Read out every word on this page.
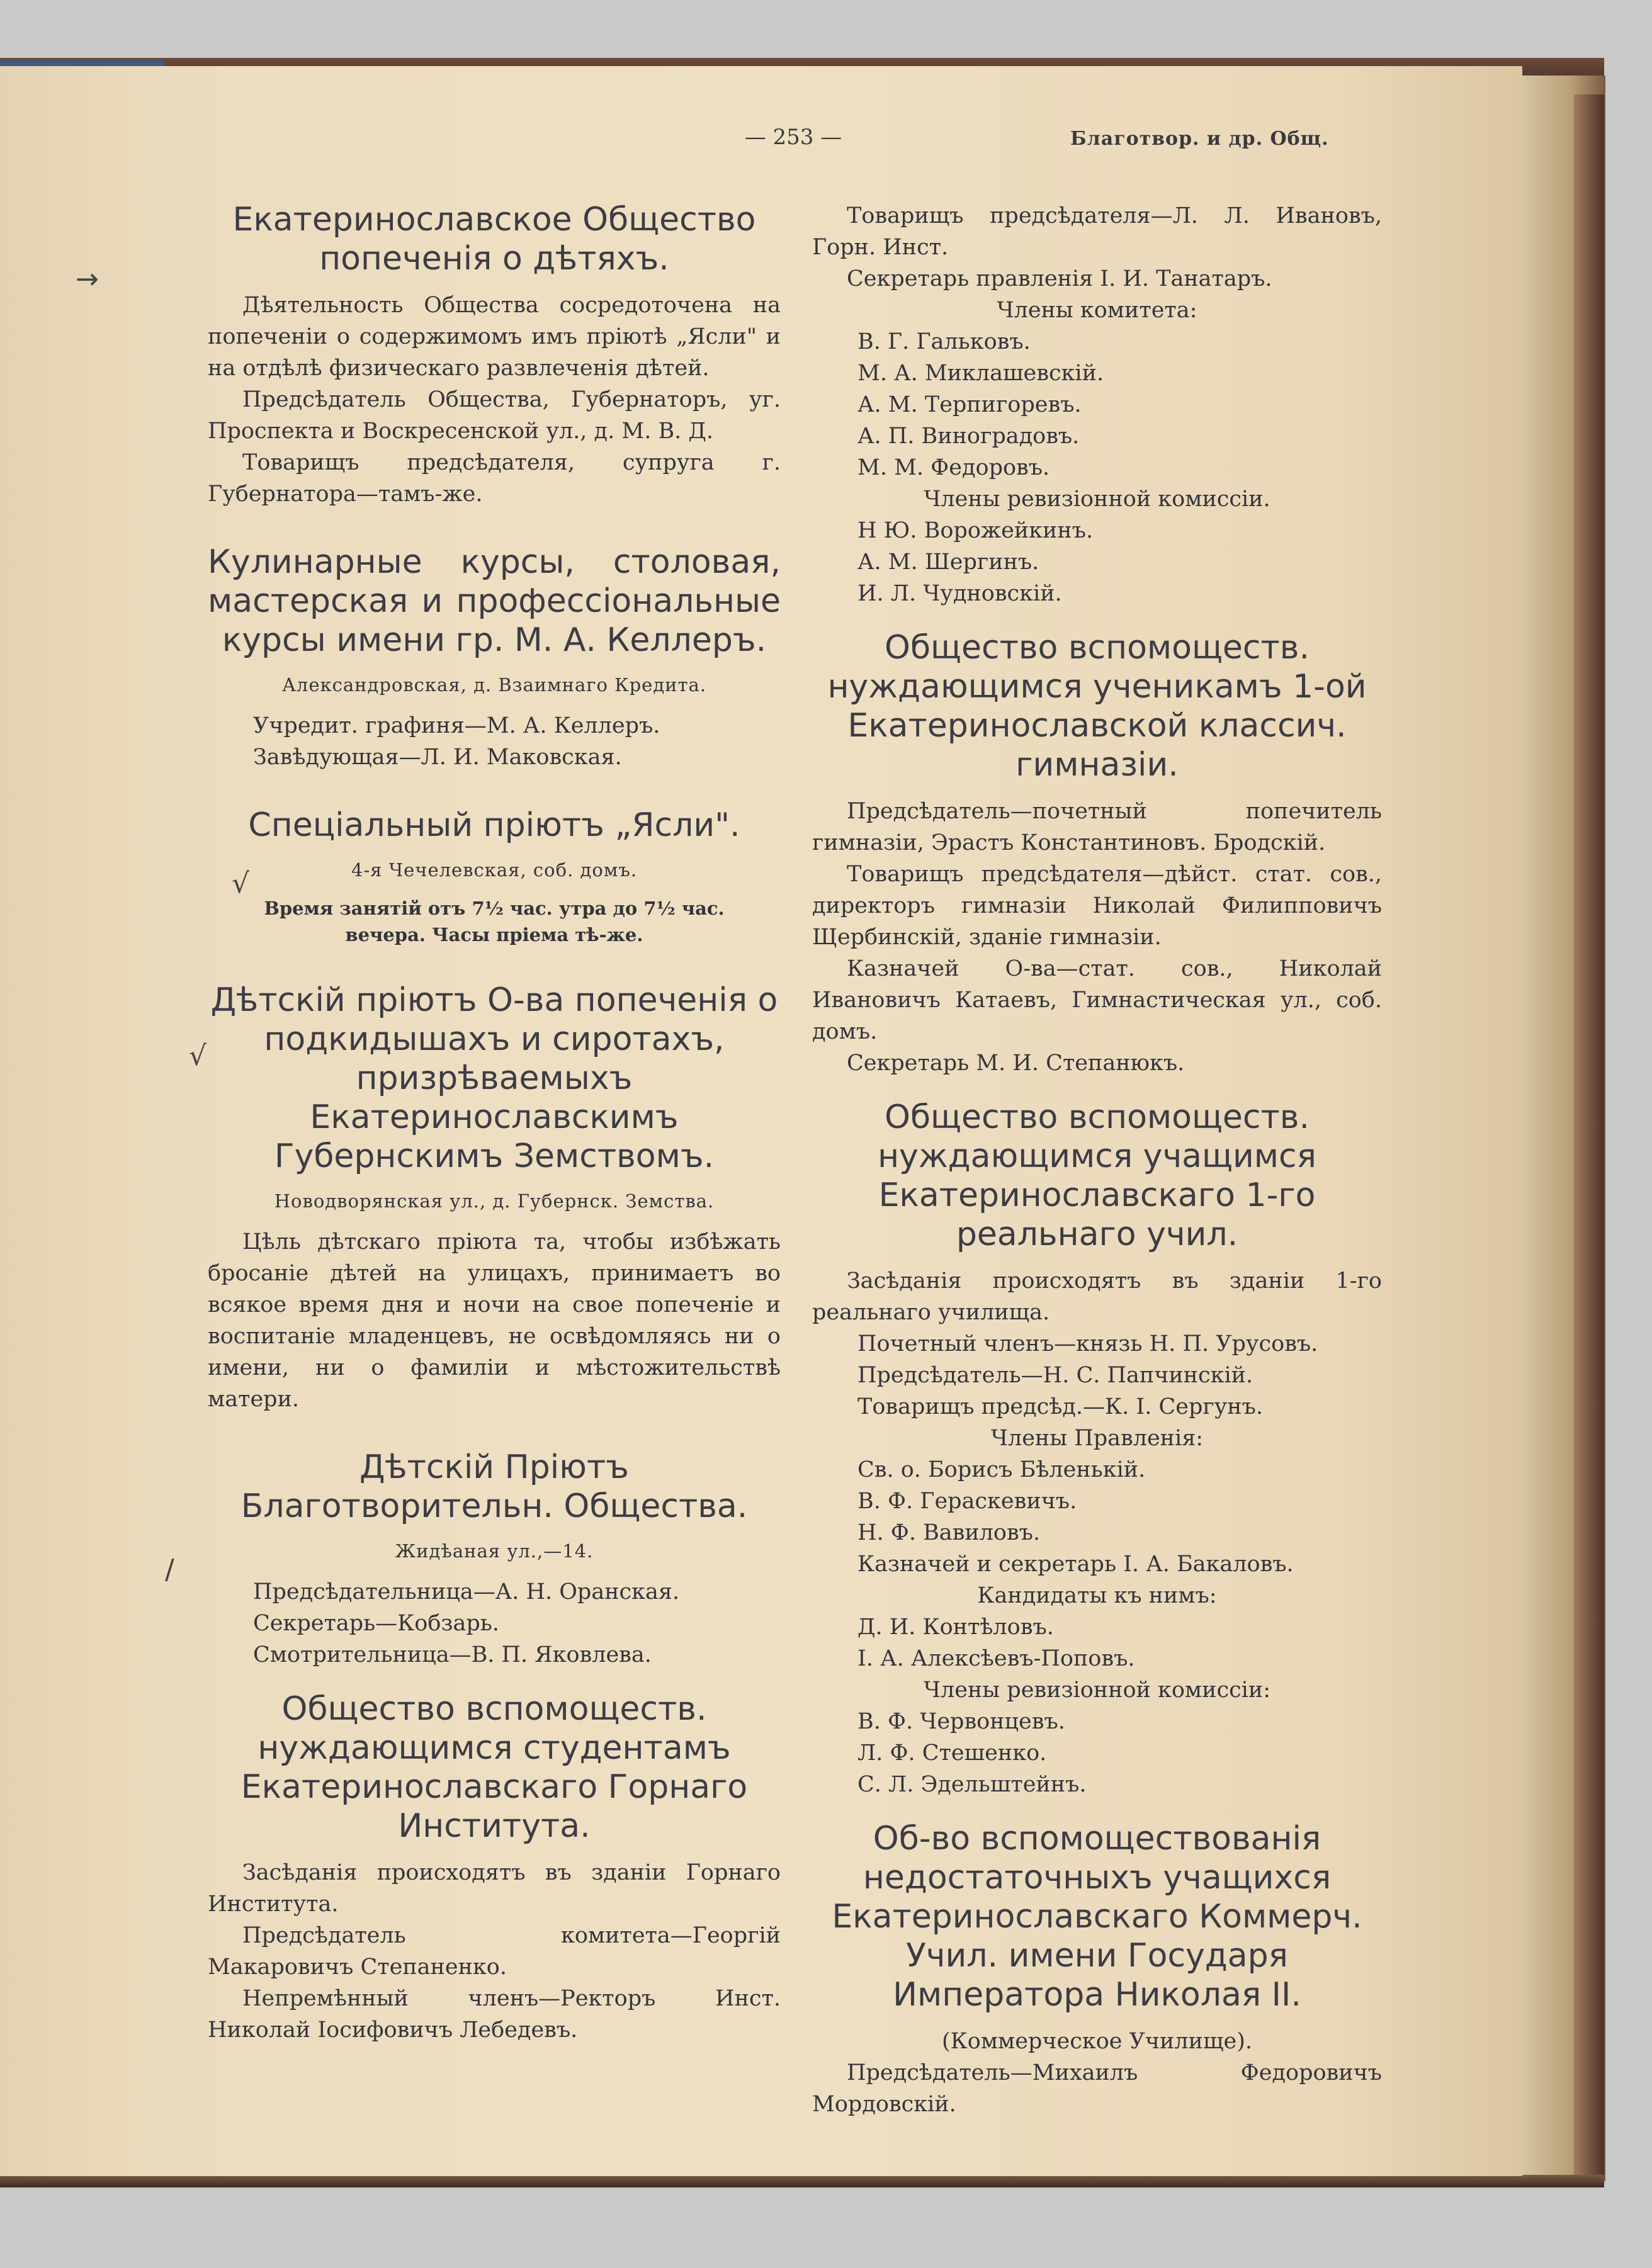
— 253 —	Благотвор. и др. Общ.
→
√
√
/
Екатеринославское Общество попеченія о дѣтяхъ.

Дѣятельность Общества сосредоточена на попеченіи о содержимомъ имъ пріютѣ „Ясли" и на отдѣлѣ физическаго развлеченія дѣтей.

Предсѣдатель Общества, Губернаторъ, уг. Проспекта и Воскресенской ул., д. М. В. Д.

Товарищъ предсѣдателя, супруга г. Губернатора—тамъ-же.

Кулинарные курсы, столовая, мастерская и профессіональные курсы имени гр. М. А. Келлеръ.

Александровская, д. Взаимнаго Кредита.

Учредит. графиня—М. А. Келлеръ.

Завѣдующая—Л. И. Маковская.

Спеціальный пріютъ „Ясли".

4-я Чечелевская, соб. домъ.

Время занятій отъ 7½ час. утра до 7½ час.

вечера. Часы пріема тѣ-же.

Дѣтскій пріютъ О-ва попеченія о подкидышахъ и сиротахъ, призрѣваемыхъ Екатеринославскимъ Губернскимъ Земствомъ.

Новодворянская ул., д. Губернск. Земства.

Цѣль дѣтскаго пріюта та, чтобы избѣжать бросаніе дѣтей на улицахъ, принимаетъ во всякое время дня и ночи на свое попеченіе и воспитаніе младенцевъ, не освѣдомляясь ни о имени, ни о фамиліи и мѣстожительствѣ матери.

Дѣтскій Пріютъ Благотворительн. Общества.

Жидѣаная ул.,—14.

Предсѣдательница—А. Н. Оранская.

Секретарь—Кобзарь.

Смотрительница—В. П. Яковлева.

Общество вспомоществ. нуждающимся студентамъ Екатеринославскаго Горнаго Института.

Засѣданія происходятъ въ зданіи Горнаго Института.

Предсѣдатель комитета—Георгій Макаровичъ Степаненко.

Непремѣнный членъ—Ректоръ Инст. Николай Іосифовичъ Лебедевъ.

Товарищъ предсѣдателя—Л. Л. Ивановъ, Горн. Инст.

Секретарь правленія І. И. Танатаръ.

Члены комитета:

В. Г. Гальковъ.

М. А. Миклашевскій.

А. М. Терпигоревъ.

А. П. Виноградовъ.

М. М. Федоровъ.

Члены ревизіонной комиссіи.

Н Ю. Ворожейкинъ.

А. М. Шергинъ.

И. Л. Чудновскій.

Общество вспомоществ. нуждающимся ученикамъ 1-ой Екатеринославской классич. гимназіи.

Предсѣдатель—почетный попечитель гимназіи, Эрастъ Константиновъ. Бродскій.

Товарищъ предсѣдателя—дѣйст. стат. сов., директоръ гимназіи Николай Филипповичъ Щербинскій, зданіе гимназіи.

Казначей О-ва—стат. сов., Николай Ивановичъ Катаевъ, Гимнастическая ул., соб. домъ.

Секретарь М. И. Степанюкъ.

Общество вспомоществ. нуждающимся учащимся Екатеринославскаго 1-го реальнаго учил.

Засѣданія происходятъ въ зданіи 1-го реальнаго училища.

Почетный членъ—князь Н. П. Урусовъ.

Предсѣдатель—Н. С. Папчинскій.

Товарищъ предсѣд.—К. І. Сергунъ.

Члены Правленія:

Св. о. Борисъ Бѣленькій.

В. Ф. Гераскевичъ.

Н. Ф. Вавиловъ.

Казначей и секретарь І. А. Бакаловъ.

Кандидаты къ нимъ:

Д. И. Контѣловъ.

І. А. Алексѣевъ-Поповъ.

Члены ревизіонной комиссіи:

В. Ф. Червонцевъ.

Л. Ф. Стешенко.

С. Л. Эдельштейнъ.

Об-во вспомоществованія недостаточныхъ учащихся Екатеринославскаго Коммерч. Учил. имени Государя Императора Николая II.

(Коммерческое Училище).

Предсѣдатель—Михаилъ Федоровичъ Мордовскій.
